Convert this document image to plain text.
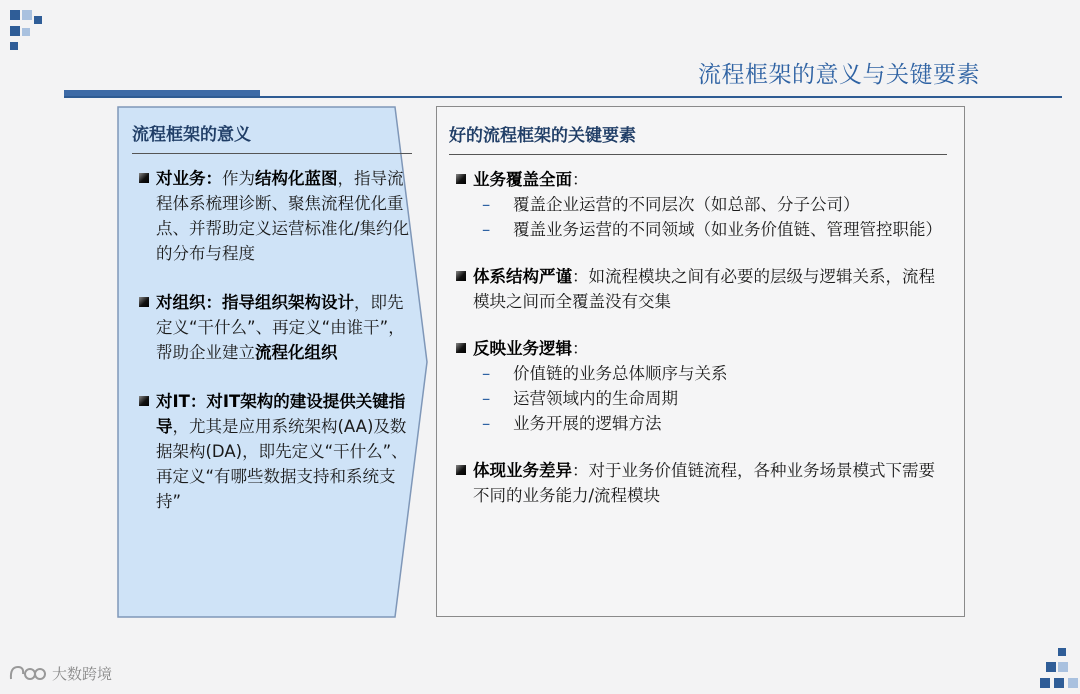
流程框架的意义与关键要素
流程框架的意义
对业务：作为结构化蓝图，指导流程体系梳理诊断、聚焦流程优化重点、并帮助定义运营标准化/集约化的分布与程度
对组织：指导组织架构设计，即先定义“干什么”、再定义“由谁干”，帮助企业建立流程化组织
对IT：对IT架构的建设提供关键指导，尤其是应用系统架构(AA)及数据架构(DA)，即先定义“干什么”、再定义“有哪些数据支持和系统支持”
好的流程框架的关键要素
业务覆盖全面：
– 覆盖企业运营的不同层次（如总部、分子公司）
– 覆盖业务运营的不同领域（如业务价值链、管理管控职能）
体系结构严谨：如流程模块之间有必要的层级与逻辑关系，流程模块之间而全覆盖没有交集
反映业务逻辑：
– 价值链的业务总体顺序与关系
– 运营领域内的生命周期
– 业务开展的逻辑方法
体现业务差异：对于业务价值链流程，各种业务场景模式下需要不同的业务能力/流程模块
大数跨境
